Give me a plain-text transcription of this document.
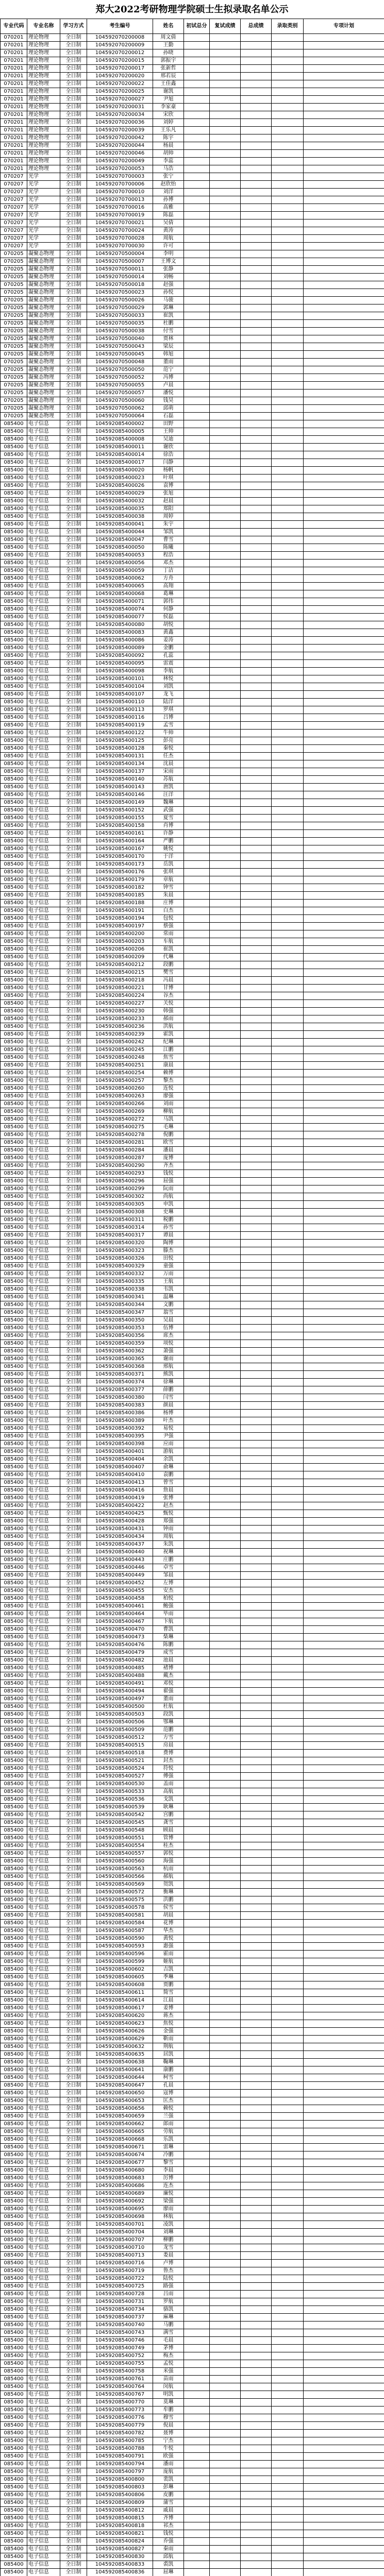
郑大2022考研物理学院硕士生拟录取名单公示
专业代码	专业名称	学习方式	考生编号	姓名	初试总分	复试成绩	总成绩	录取类别	专项计划
070201	理论物理	全日制	104592070200008	周文倩					
070201	理论物理	全日制	104592070200009	王勤					
070201	理论物理	全日制	104592070200012	孙晓					
070201	理论物理	全日制	104592070200015	郭振宇					
070201	理论物理	全日制	104592070200017	张新哲					
070201	理论物理	全日制	104592070200020	邢若辰					
070201	理论物理	全日制	104592070200022	王佳鑫					
070201	理论物理	全日制	104592070200025	谢凯					
070201	理论物理	全日制	104592070200027	尹旭					
070201	理论物理	全日制	104592070200031	李家豪					
070201	理论物理	全日制	104592070200034	宋欣					
070201	理论物理	全日制	104592070200036	刘婷					
070201	理论物理	全日制	104592070200039	王乐凡					
070201	理论物理	全日制	104592070200042	陈宇					
070201	理论物理	全日制	104592070200044	杨晨					
070201	理论物理	全日制	104592070200046	胡帅					
070201	理论物理	全日制	104592070200049	李蕊					
070201	理论物理	全日制	104592070200053	马浩					
070207	光学	全日制	104592070700003	张宁					
070207	光学	全日制	104592070700006	赵欣怡					
070207	光学	全日制	104592070700010	刘洋					
070207	光学	全日制	104592070700013	孙博					
070207	光学	全日制	104592070700016	高雅					
070207	光学	全日制	104592070700019	陈磊					
070207	光学	全日制	104592070700021	吴倩					
070207	光学	全日制	104592070700024	黄涛					
070207	光学	全日制	104592070700028	周航					
070207	光学	全日制	104592070700030	许可					
070205	凝聚态物理	全日制	104592070500004	李明					
070205	凝聚态物理	全日制	104592070500007	王博文					
070205	凝聚态物理	全日制	104592070500011	张静					
070205	凝聚态物理	全日制	104592070500014	刘畅					
070205	凝聚态物理	全日制	104592070500018	赵强					
070205	凝聚态物理	全日制	104592070500023	孙悦					
070205	凝聚态物理	全日制	104592070500026	马骏					
070205	凝聚态物理	全日制	104592070500029	郭琳					
070205	凝聚态物理	全日制	104592070500033	崔凯					
070205	凝聚态物理	全日制	104592070500035	杜鹏					
070205	凝聚态物理	全日制	104592070500038	付雪					
070205	凝聚态物理	全日制	104592070500040	贾林					
070205	凝聚态物理	全日制	104592070500043	梁辰					
070205	凝聚态物理	全日制	104592070500045	韩旭					
070205	凝聚态物理	全日制	104592070500048	董雨					
070205	凝聚态物理	全日制	104592070500050	范宁					
070205	凝聚态物理	全日制	104592070500052	冯博					
070205	凝聚态物理	全日制	104592070500055	卢晨					
070205	凝聚态物理	全日制	104592070500057	潘悦					
070205	凝聚态物理	全日制	104592070500060	钱昊					
070205	凝聚态物理	全日制	104592070500062	邱萌					
070205	凝聚态物理	全日制	104592070500064	石磊					
085400	电子信息	全日制	104592085400002	田野					
085400	电子信息	全日制	104592085400005	王帅					
085400	电子信息	全日制	104592085400008	吴迪					
085400	电子信息	全日制	104592085400011	谢欣					
085400	电子信息	全日制	104592085400014	徐浩					
085400	电子信息	全日制	104592085400017	闫静					
085400	电子信息	全日制	104592085400020	杨帆					
085400	电子信息	全日制	104592085400023	叶琪					
085400	电子信息	全日制	104592085400026	袁博					
085400	电子信息	全日制	104592085400029	张旭					
085400	电子信息	全日制	104592085400032	赵晨					
085400	电子信息	全日制	104592085400035	郑阳					
085400	电子信息	全日制	104592085400038	周婷					
085400	电子信息	全日制	104592085400041	朱宇					
085400	电子信息	全日制	104592085400044	邹凯					
085400	电子信息	全日制	104592085400047	曹雪					
085400	电子信息	全日制	104592085400050	陈曦					
085400	电子信息	全日制	104592085400053	程浩					
085400	电子信息	全日制	104592085400056	邓杰					
085400	电子信息	全日制	104592085400059	丁洁					
085400	电子信息	全日制	104592085400062	方舟					
085400	电子信息	全日制	104592085400065	高翔					
085400	电子信息	全日制	104592085400068	葛琳					
085400	电子信息	全日制	104592085400071	郭伟					
085400	电子信息	全日制	104592085400074	何静					
085400	电子信息	全日制	104592085400077	侯磊					
085400	电子信息	全日制	104592085400080	胡悦					
085400	电子信息	全日制	104592085400083	黄鑫					
085400	电子信息	全日制	104592085400086	姜涛					
085400	电子信息	全日制	104592085400089	金鹏					
085400	电子信息	全日制	104592085400092	孔蕊					
085400	电子信息	全日制	104592085400095	雷震					
085400	电子信息	全日制	104592085400098	李航					
085400	电子信息	全日制	104592085400101	林悦					
085400	电子信息	全日制	104592085400104	刘凯					
085400	电子信息	全日制	104592085400107	龙飞					
085400	电子信息	全日制	104592085400110	陆洋					
085400	电子信息	全日制	104592085400113	罗琪					
085400	电子信息	全日制	104592085400116	吕博					
085400	电子信息	全日制	104592085400119	孟雪					
085400	电子信息	全日制	104592085400122	牛帅					
085400	电子信息	全日制	104592085400125	彭亮					
085400	电子信息	全日制	104592085400128	秦悦					
085400	电子信息	全日制	104592085400131	任杰					
085400	电子信息	全日制	104592085400134	沈晨					
085400	电子信息	全日制	104592085400137	宋雨					
085400	电子信息	全日制	104592085400140	苏航					
085400	电子信息	全日制	104592085400143	唐凯					
085400	电子信息	全日制	104592085400146	汪洋					
085400	电子信息	全日制	104592085400149	魏琳					
085400	电子信息	全日制	104592085400152	武强					
085400	电子信息	全日制	104592085400155	夏雪					
085400	电子信息	全日制	104592085400158	肖博					
085400	电子信息	全日制	104592085400161	许静					
085400	电子信息	全日制	104592085400164	严鹏					
085400	电子信息	全日制	104592085400167	姚悦					
085400	电子信息	全日制	104592085400170	于洋					
085400	电子信息	全日制	104592085400173	岳凯					
085400	电子信息	全日制	104592085400176	张琪					
085400	电子信息	全日制	104592085400179	章航					
085400	电子信息	全日制	104592085400182	钟雪					
085400	电子信息	全日制	104592085400185	朱晨					
085400	电子信息	全日制	104592085400188	庄博					
085400	电子信息	全日制	104592085400191	白杰					
085400	电子信息	全日制	104592085400194	包悦					
085400	电子信息	全日制	104592085400197	蔡强					
085400	电子信息	全日制	104592085400200	常雨					
085400	电子信息	全日制	104592085400203	车航					
085400	电子信息	全日制	104592085400206	崔凯					
085400	电子信息	全日制	104592085400209	代琳					
085400	电子信息	全日制	104592085400212	段鹏					
085400	电子信息	全日制	104592085400215	樊雪					
085400	电子信息	全日制	104592085400218	冯晨					
085400	电子信息	全日制	104592085400221	甘博					
085400	电子信息	全日制	104592085400224	谷杰					
085400	电子信息	全日制	104592085400227	关悦					
085400	电子信息	全日制	104592085400230	韩强					
085400	电子信息	全日制	104592085400233	郝雨					
085400	电子信息	全日制	104592085400236	洪航					
085400	电子信息	全日制	104592085400239	霍凯					
085400	电子信息	全日制	104592085400242	纪琳					
085400	电子信息	全日制	104592085400245	江鹏					
085400	电子信息	全日制	104592085400248	焦雪					
085400	电子信息	全日制	104592085400251	康晨					
085400	电子信息	全日制	104592085400254	赖博					
085400	电子信息	全日制	104592085400257	黎杰					
085400	电子信息	全日制	104592085400260	连悦					
085400	电子信息	全日制	104592085400263	廖强					
085400	电子信息	全日制	104592085400266	刘雨					
085400	电子信息	全日制	104592085400269	柳航					
085400	电子信息	全日制	104592085400272	马凯					
085400	电子信息	全日制	104592085400275	毛琳					
085400	电子信息	全日制	104592085400278	倪鹏					
085400	电子信息	全日制	104592085400281	欧雪					
085400	电子信息	全日制	104592085400284	潘晨					
085400	电子信息	全日制	104592085400287	庞博					
085400	电子信息	全日制	104592085400290	齐杰					
085400	电子信息	全日制	104592085400293	钱悦					
085400	电子信息	全日制	104592085400296	屈强					
085400	电子信息	全日制	104592085400299	阮雨					
085400	电子信息	全日制	104592085400302	尚航					
085400	电子信息	全日制	104592085400305	申凯					
085400	电子信息	全日制	104592085400308	史琳					
085400	电子信息	全日制	104592085400311	税鹏					
085400	电子信息	全日制	104592085400314	孙雪					
085400	电子信息	全日制	104592085400317	谭晨					
085400	电子信息	全日制	104592085400320	陶博					
085400	电子信息	全日制	104592085400323	滕杰					
085400	电子信息	全日制	104592085400326	田悦					
085400	电子信息	全日制	104592085400329	童强					
085400	电子信息	全日制	104592085400332	万雨					
085400	电子信息	全日制	104592085400335	王航					
085400	电子信息	全日制	104592085400338	韦凯					
085400	电子信息	全日制	104592085400341	温琳					
085400	电子信息	全日制	104592085400344	文鹏					
085400	电子信息	全日制	104592085400347	翁雪					
085400	电子信息	全日制	104592085400350	吴晨					
085400	电子信息	全日制	104592085400353	伍博					
085400	电子信息	全日制	104592085400356	席杰					
085400	电子信息	全日制	104592085400359	项悦					
085400	电子信息	全日制	104592085400362	萧强					
085400	电子信息	全日制	104592085400365	谢雨					
085400	电子信息	全日制	104592085400368	邢航					
085400	电子信息	全日制	104592085400371	熊凯					
085400	电子信息	全日制	104592085400374	徐琳					
085400	电子信息	全日制	104592085400377	薛鹏					
085400	电子信息	全日制	104592085400380	闫雪					
085400	电子信息	全日制	104592085400383	颜晨					
085400	电子信息	全日制	104592085400386	杨博					
085400	电子信息	全日制	104592085400389	叶杰					
085400	电子信息	全日制	104592085400392	易悦					
085400	电子信息	全日制	104592085400395	尹强					
085400	电子信息	全日制	104592085400398	应雨					
085400	电子信息	全日制	104592085400401	游航					
085400	电子信息	全日制	104592085400404	余凯					
085400	电子信息	全日制	104592085400407	俞琳					
085400	电子信息	全日制	104592085400410	袁鹏					
085400	电子信息	全日制	104592085400413	曾雪					
085400	电子信息	全日制	104592085400416	詹晨					
085400	电子信息	全日制	104592085400419	张博					
085400	电子信息	全日制	104592085400422	赵杰					
085400	电子信息	全日制	104592085400425	甄悦					
085400	电子信息	全日制	104592085400428	郑强					
085400	电子信息	全日制	104592085400431	钟雨					
085400	电子信息	全日制	104592085400434	周航					
085400	电子信息	全日制	104592085400437	朱凯					
085400	电子信息	全日制	104592085400440	祝琳					
085400	电子信息	全日制	104592085400443	庄鹏					
085400	电子信息	全日制	104592085400446	卓雪					
085400	电子信息	全日制	104592085400449	邹晨					
085400	电子信息	全日制	104592085400452	左博					
085400	电子信息	全日制	104592085400455	安杰					
085400	电子信息	全日制	104592085400458	柏悦					
085400	电子信息	全日制	104592085400461	鲍强					
085400	电子信息	全日制	104592085400464	毕雨					
085400	电子信息	全日制	104592085400467	卞航					
085400	电子信息	全日制	104592085400470	曹凯					
085400	电子信息	全日制	104592085400473	柴琳					
085400	电子信息	全日制	104592085400476	陈鹏					
085400	电子信息	全日制	104592085400479	成雪					
085400	电子信息	全日制	104592085400482	池晨					
085400	电子信息	全日制	104592085400485	褚博					
085400	电子信息	全日制	104592085400488	戴杰					
085400	电子信息	全日制	104592085400491	邓悦					
085400	电子信息	全日制	104592085400494	翟强					
085400	电子信息	全日制	104592085400497	董雨					
085400	电子信息	全日制	104592085400500	杜航					
085400	电子信息	全日制	104592085400503	段凯					
085400	电子信息	全日制	104592085400506	鄂琳					
085400	电子信息	全日制	104592085400509	范鹏					
085400	电子信息	全日制	104592085400512	方雪					
085400	电子信息	全日制	104592085400515	房晨					
085400	电子信息	全日制	104592085400518	费博					
085400	电子信息	全日制	104592085400521	封杰					
085400	电子信息	全日制	104592085400524	符悦					
085400	电子信息	全日制	104592085400527	傅强					
085400	电子信息	全日制	104592085400530	盖雨					
085400	电子信息	全日制	104592085400533	高航					
085400	电子信息	全日制	104592085400536	戈凯					
085400	电子信息	全日制	104592085400539	耿琳					
085400	电子信息	全日制	104592085400542	宫鹏					
085400	电子信息	全日制	104592085400545	龚雪					
085400	电子信息	全日制	104592085400548	顾晨					
085400	电子信息	全日制	104592085400551	管博					
085400	电子信息	全日制	104592085400554	桂杰					
085400	电子信息	全日制	104592085400557	郭悦					
085400	电子信息	全日制	104592085400560	海强					
085400	电子信息	全日制	104592085400563	杭雨					
085400	电子信息	全日制	104592085400566	郝航					
085400	电子信息	全日制	104592085400569	贺凯					
085400	电子信息	全日制	104592085400572	衡琳					
085400	电子信息	全日制	104592085400575	洪鹏					
085400	电子信息	全日制	104592085400578	侯雪					
085400	电子信息	全日制	104592085400581	胡晨					
085400	电子信息	全日制	104592085400584	花博					
085400	电子信息	全日制	104592085400587	华杰					
085400	电子信息	全日制	104592085400590	黄悦					
085400	电子信息	全日制	104592085400593	惠强					
085400	电子信息	全日制	104592085400596	霍雨					
085400	电子信息	全日制	104592085400599	姬航					
085400	电子信息	全日制	104592085400602	吉凯					
085400	电子信息	全日制	104592085400605	季琳					
085400	电子信息	全日制	104592085400608	贾鹏					
085400	电子信息	全日制	104592085400611	简雪					
085400	电子信息	全日制	104592085400614	江晨					
085400	电子信息	全日制	104592085400617	姜博					
085400	电子信息	全日制	104592085400620	蒋杰					
085400	电子信息	全日制	104592085400623	焦悦					
085400	电子信息	全日制	104592085400626	金强					
085400	电子信息	全日制	104592085400629	靳雨					
085400	电子信息	全日制	104592085400632	荆航					
085400	电子信息	全日制	104592085400635	居凯					
085400	电子信息	全日制	104592085400638	鞠琳					
085400	电子信息	全日制	104592085400641	康鹏					
085400	电子信息	全日制	104592085400644	柯雪					
085400	电子信息	全日制	104592085400647	孔晨					
085400	电子信息	全日制	104592085400650	寇博					
085400	电子信息	全日制	104592085400653	匡杰					
085400	电子信息	全日制	104592085400656	赖悦					
085400	电子信息	全日制	104592085400659	兰强					
085400	电子信息	全日制	104592085400662	郎雨					
085400	电子信息	全日制	104592085400665	劳航					
085400	电子信息	全日制	104592085400668	乐凯					
085400	电子信息	全日制	104592085400671	雷琳					
085400	电子信息	全日制	104592085400674	冷鹏					
085400	电子信息	全日制	104592085400677	黎雪					
085400	电子信息	全日制	104592085400680	李晨					
085400	电子信息	全日制	104592085400683	厉博					
085400	电子信息	全日制	104592085400686	连杰					
085400	电子信息	全日制	104592085400689	廉悦					
085400	电子信息	全日制	104592085400692	梁强					
085400	电子信息	全日制	104592085400695	廖雨					
085400	电子信息	全日制	104592085400698	林航					
085400	电子信息	全日制	104592085400701	凌凯					
085400	电子信息	全日制	104592085400704	刘琳					
085400	电子信息	全日制	104592085400707	柳鹏					
085400	电子信息	全日制	104592085400710	龙雪					
085400	电子信息	全日制	104592085400713	娄晨					
085400	电子信息	全日制	104592085400716	卢博					
085400	电子信息	全日制	104592085400719	鲁杰					
085400	电子信息	全日制	104592085400722	陆悦					
085400	电子信息	全日制	104592085400725	路强					
085400	电子信息	全日制	104592085400728	吕雨					
085400	电子信息	全日制	104592085400731	罗航					
085400	电子信息	全日制	104592085400734	骆凯					
085400	电子信息	全日制	104592085400737	麻琳					
085400	电子信息	全日制	104592085400740	马鹏					
085400	电子信息	全日制	104592085400743	满雪					
085400	电子信息	全日制	104592085400746	毛晨					
085400	电子信息	全日制	104592085400749	茅博					
085400	电子信息	全日制	104592085400752	梅杰					
085400	电子信息	全日制	104592085400755	孟悦					
085400	电子信息	全日制	104592085400758	米强					
085400	电子信息	全日制	104592085400761	苗雨					
085400	电子信息	全日制	104592085400764	闵航					
085400	电子信息	全日制	104592085400767	明凯					
085400	电子信息	全日制	104592085400770	莫琳					
085400	电子信息	全日制	104592085400773	牟鹏					
085400	电子信息	全日制	104592085400776	穆雪					
085400	电子信息	全日制	104592085400779	倪晨					
085400	电子信息	全日制	104592085400782	聂博					
085400	电子信息	全日制	104592085400785	宁杰					
085400	电子信息	全日制	104592085400788	牛悦					
085400	电子信息	全日制	104592085400791	欧强					
085400	电子信息	全日制	104592085400794	潘雨					
085400	电子信息	全日制	104592085400797	庞航					
085400	电子信息	全日制	104592085400800	裴凯					
085400	电子信息	全日制	104592085400803	彭琳					
085400	电子信息	全日制	104592085400806	皮鹏					
085400	电子信息	全日制	104592085400809	蒲雪					
085400	电子信息	全日制	104592085400812	戚晨					
085400	电子信息	全日制	104592085400815	齐博					
085400	电子信息	全日制	104592085400818	祁杰					
085400	电子信息	全日制	104592085400821	钱悦					
085400	电子信息	全日制	104592085400824	乔强					
085400	电子信息	全日制	104592085400827	秦雨					
085400	电子信息	全日制	104592085400830	邱航					
085400	电子信息	全日制	104592085400833	裘凯					
085400	电子信息	全日制	104592085400836	屈琳					
